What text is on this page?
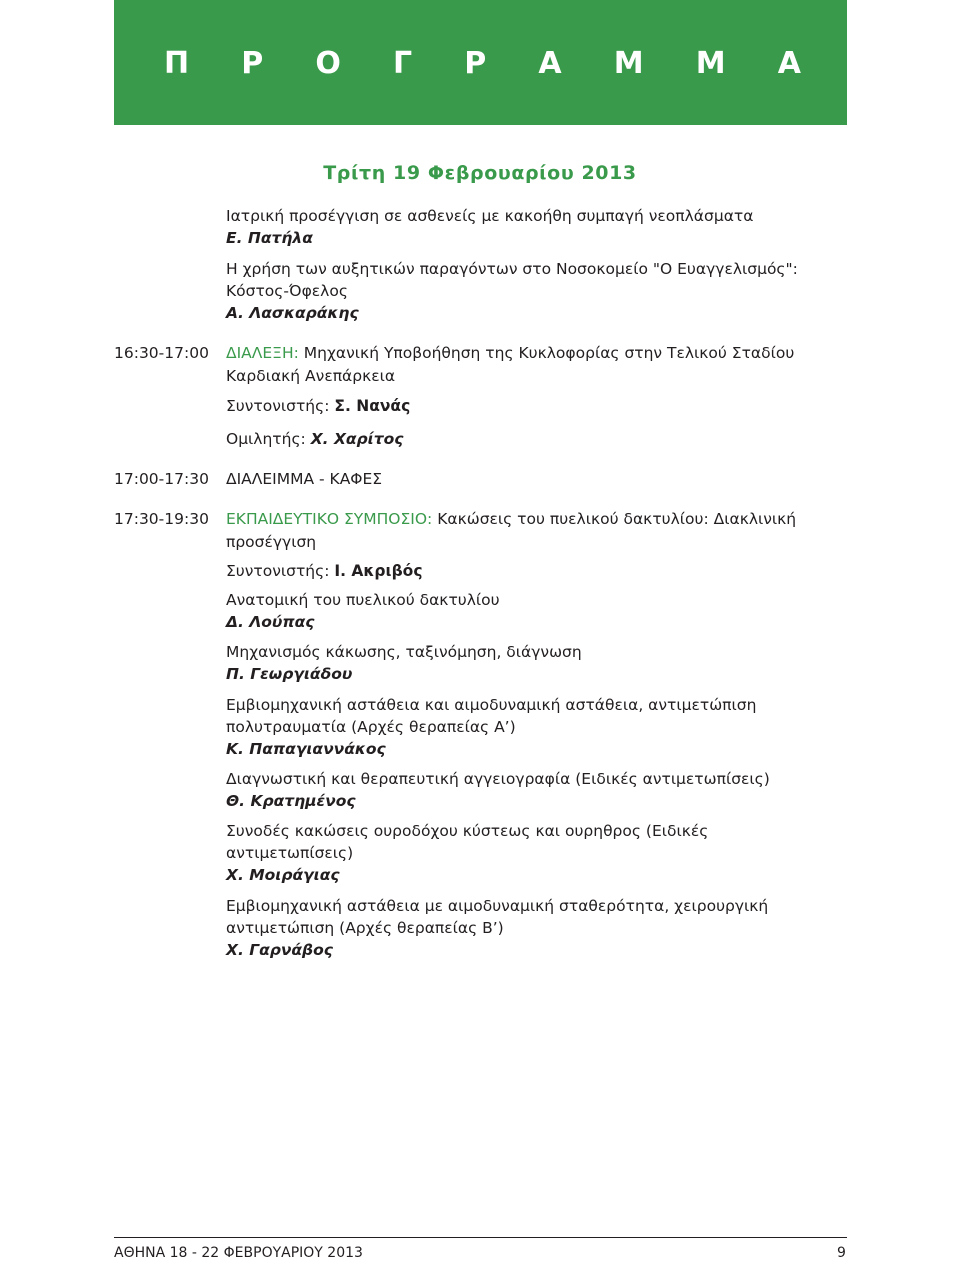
Π Ρ Ο Γ Ρ Α Μ Μ Α
Τρίτη 19 Φεβρουαρίου 2013
Ιατρική προσέγγιση σε ασθενείς με κακοήθη συμπαγή νεοπλάσματα
Ε. Πατήλα
Η χρήση των αυξητικών παραγόντων στο Νοσοκομείο "Ο Ευαγγελισμός":
Κόστος-Όφελος
Α. Λασκαράκης
16:30-17:00 ΔΙΑΛΕΞΗ: Μηχανική Υποβοήθηση της Κυκλοφορίας στην Τελικού Σταδίου
Καρδιακή Ανεπάρκεια
Συντονιστής: Σ. Νανάς
Ομιλητής: Χ. Χαρίτος
17:00-17:30 ΔΙΑΛΕΙΜΜΑ - ΚΑΦΕΣ
17:30-19:30 ΕΚΠΑΙΔΕΥΤΙΚΟ ΣΥΜΠΟΣΙΟ: Κακώσεις του πυελικού δακτυλίου: Διακλινική
προσέγγιση
Συντονιστής: Ι. Ακριβός
Ανατομική του πυελικού δακτυλίου
Δ. Λούπας
Μηχανισμός κάκωσης, ταξινόμηση, διάγνωση
Π. Γεωργιάδου
Εμβιομηχανική αστάθεια και αιμοδυναμική αστάθεια, αντιμετώπιση
πολυτραυματία (Αρχές θεραπείας Α’)
Κ. Παπαγιαννάκος
Διαγνωστική και θεραπευτική αγγειογραφία (Ειδικές αντιμετωπίσεις)
Θ. Κρατημένος
Συνοδές κακώσεις ουροδόχου κύστεως και ουρηθρος (Ειδικές
αντιμετωπίσεις)
Χ. Μοιράγιας
Εμβιομηχανική αστάθεια με αιμοδυναμική σταθερότητα, χειρουργική
αντιμετώπιση (Αρχές θεραπείας Β’)
Χ. Γαρνάβος
ΑΘΗΝΑ 18 - 22 ΦΕΒΡΟΥΑΡΙΟΥ 2013	9
